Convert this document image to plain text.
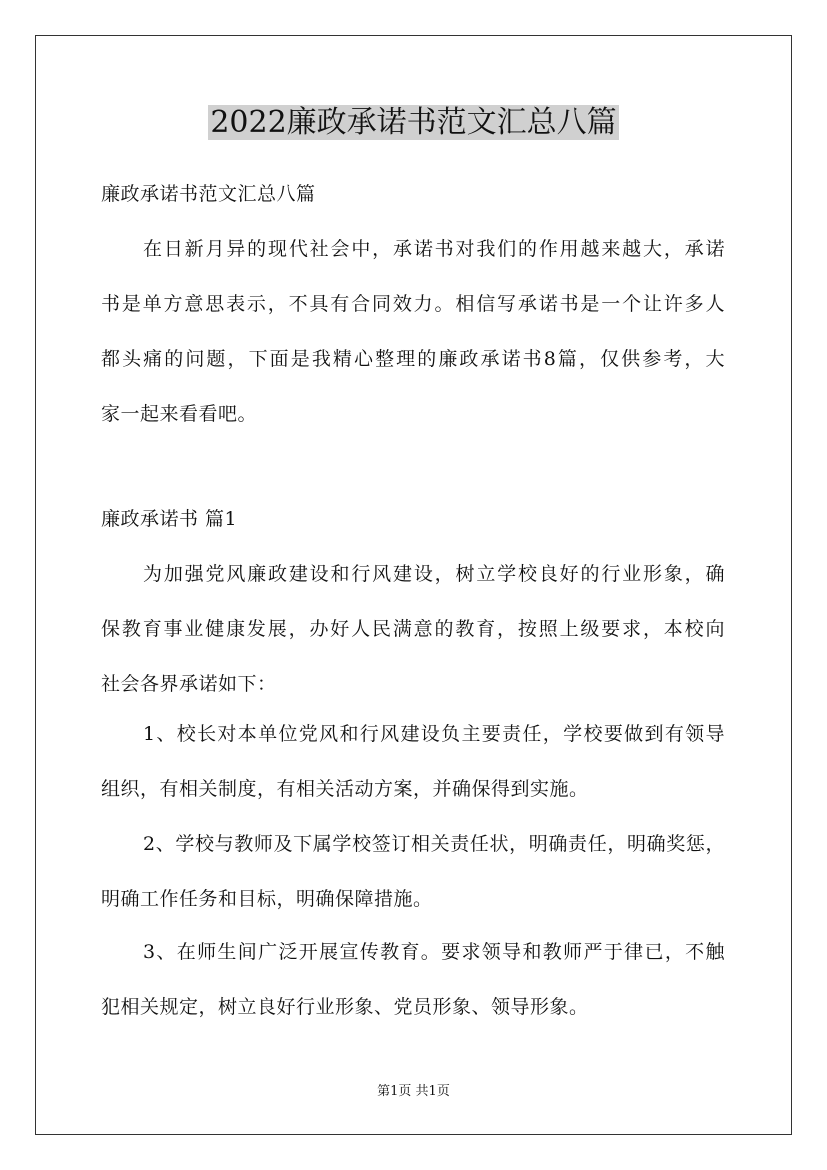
2022廉政承诺书范文汇总八篇
廉政承诺书范文汇总八篇
在日新月异的现代社会中，承诺书对我们的作用越来越大，承诺
书是单方意思表示，不具有合同效力。相信写承诺书是一个让许多人
都头痛的问题，下面是我精心整理的廉政承诺书8篇，仅供参考，大
家一起来看看吧。
廉政承诺书 篇1
为加强党风廉政建设和行风建设，树立学校良好的行业形象，确
保教育事业健康发展，办好人民满意的教育，按照上级要求，本校向
社会各界承诺如下：
1、校长对本单位党风和行风建设负主要责任，学校要做到有领导
组织，有相关制度，有相关活动方案，并确保得到实施。
2、学校与教师及下属学校签订相关责任状，明确责任，明确奖惩，
明确工作任务和目标，明确保障措施。
3、在师生间广泛开展宣传教育。要求领导和教师严于律已，不触
犯相关规定，树立良好行业形象、党员形象、领导形象。
第1页 共1页
